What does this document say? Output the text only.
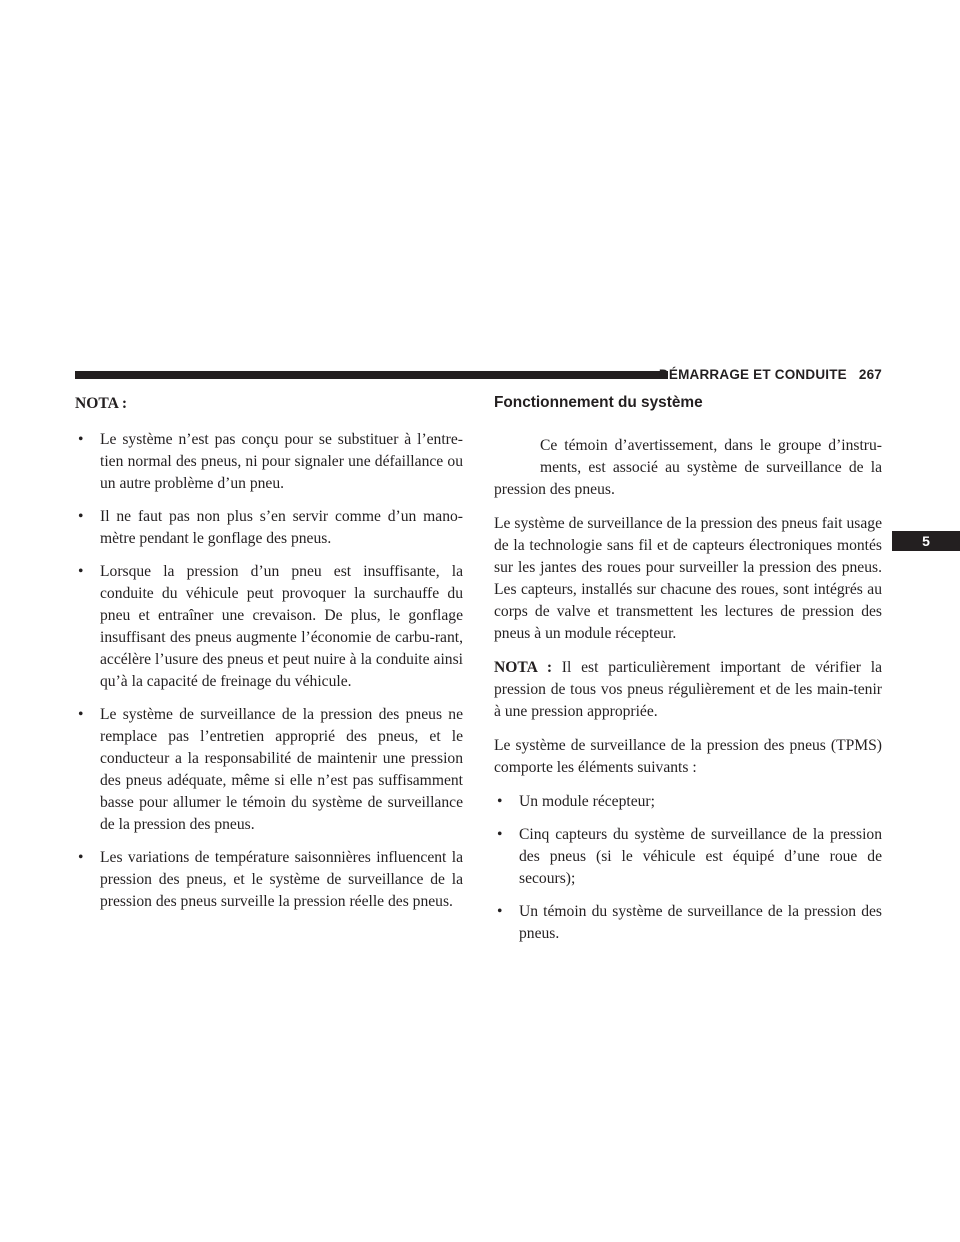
DÉMARRAGE ET CONDUITE 267
5

NOTA :

• Le système n’est pas conçu pour se substituer à l’entre-tien normal des pneus, ni pour signaler une défaillance ou un autre problème d’un pneu.
• Il ne faut pas non plus s’en servir comme d’un mano-mètre pendant le gonflage des pneus.
• Lorsque la pression d’un pneu est insuffisante, la conduite du véhicule peut provoquer la surchauffe du pneu et entraîner une crevaison. De plus, le gonflage insuffisant des pneus augmente l’économie de carbu-rant, accélère l’usure des pneus et peut nuire à la conduite ainsi qu’à la capacité de freinage du véhicule.
• Le système de surveillance de la pression des pneus ne remplace pas l’entretien approprié des pneus, et le conducteur a la responsabilité de maintenir une pression des pneus adéquate, même si elle n’est pas suffisamment basse pour allumer le témoin du système de surveillance de la pression des pneus.
• Les variations de température saisonnières influencent la pression des pneus, et le système de surveillance de la pression des pneus surveille la pression réelle des pneus.
Fonctionnement du système

Ce témoin d’avertissement, dans le groupe d’instru-ments, est associé au système de surveillance de la pression des pneus.

Le système de surveillance de la pression des pneus fait usage de la technologie sans fil et de capteurs électroniques montés sur les jantes des roues pour surveiller la pression des pneus. Les capteurs, installés sur chacune des roues, sont intégrés au corps de valve et transmettent les lectures de pression des pneus à un module récepteur.

NOTA : Il est particulièrement important de vérifier la pression de tous vos pneus régulièrement et de les main-tenir à une pression appropriée.

Le système de surveillance de la pression des pneus (TPMS) comporte les éléments suivants :

• Un module récepteur;
• Cinq capteurs du système de surveillance de la pression des pneus (si le véhicule est équipé d’une roue de secours);
• Un témoin du système de surveillance de la pression des pneus.
